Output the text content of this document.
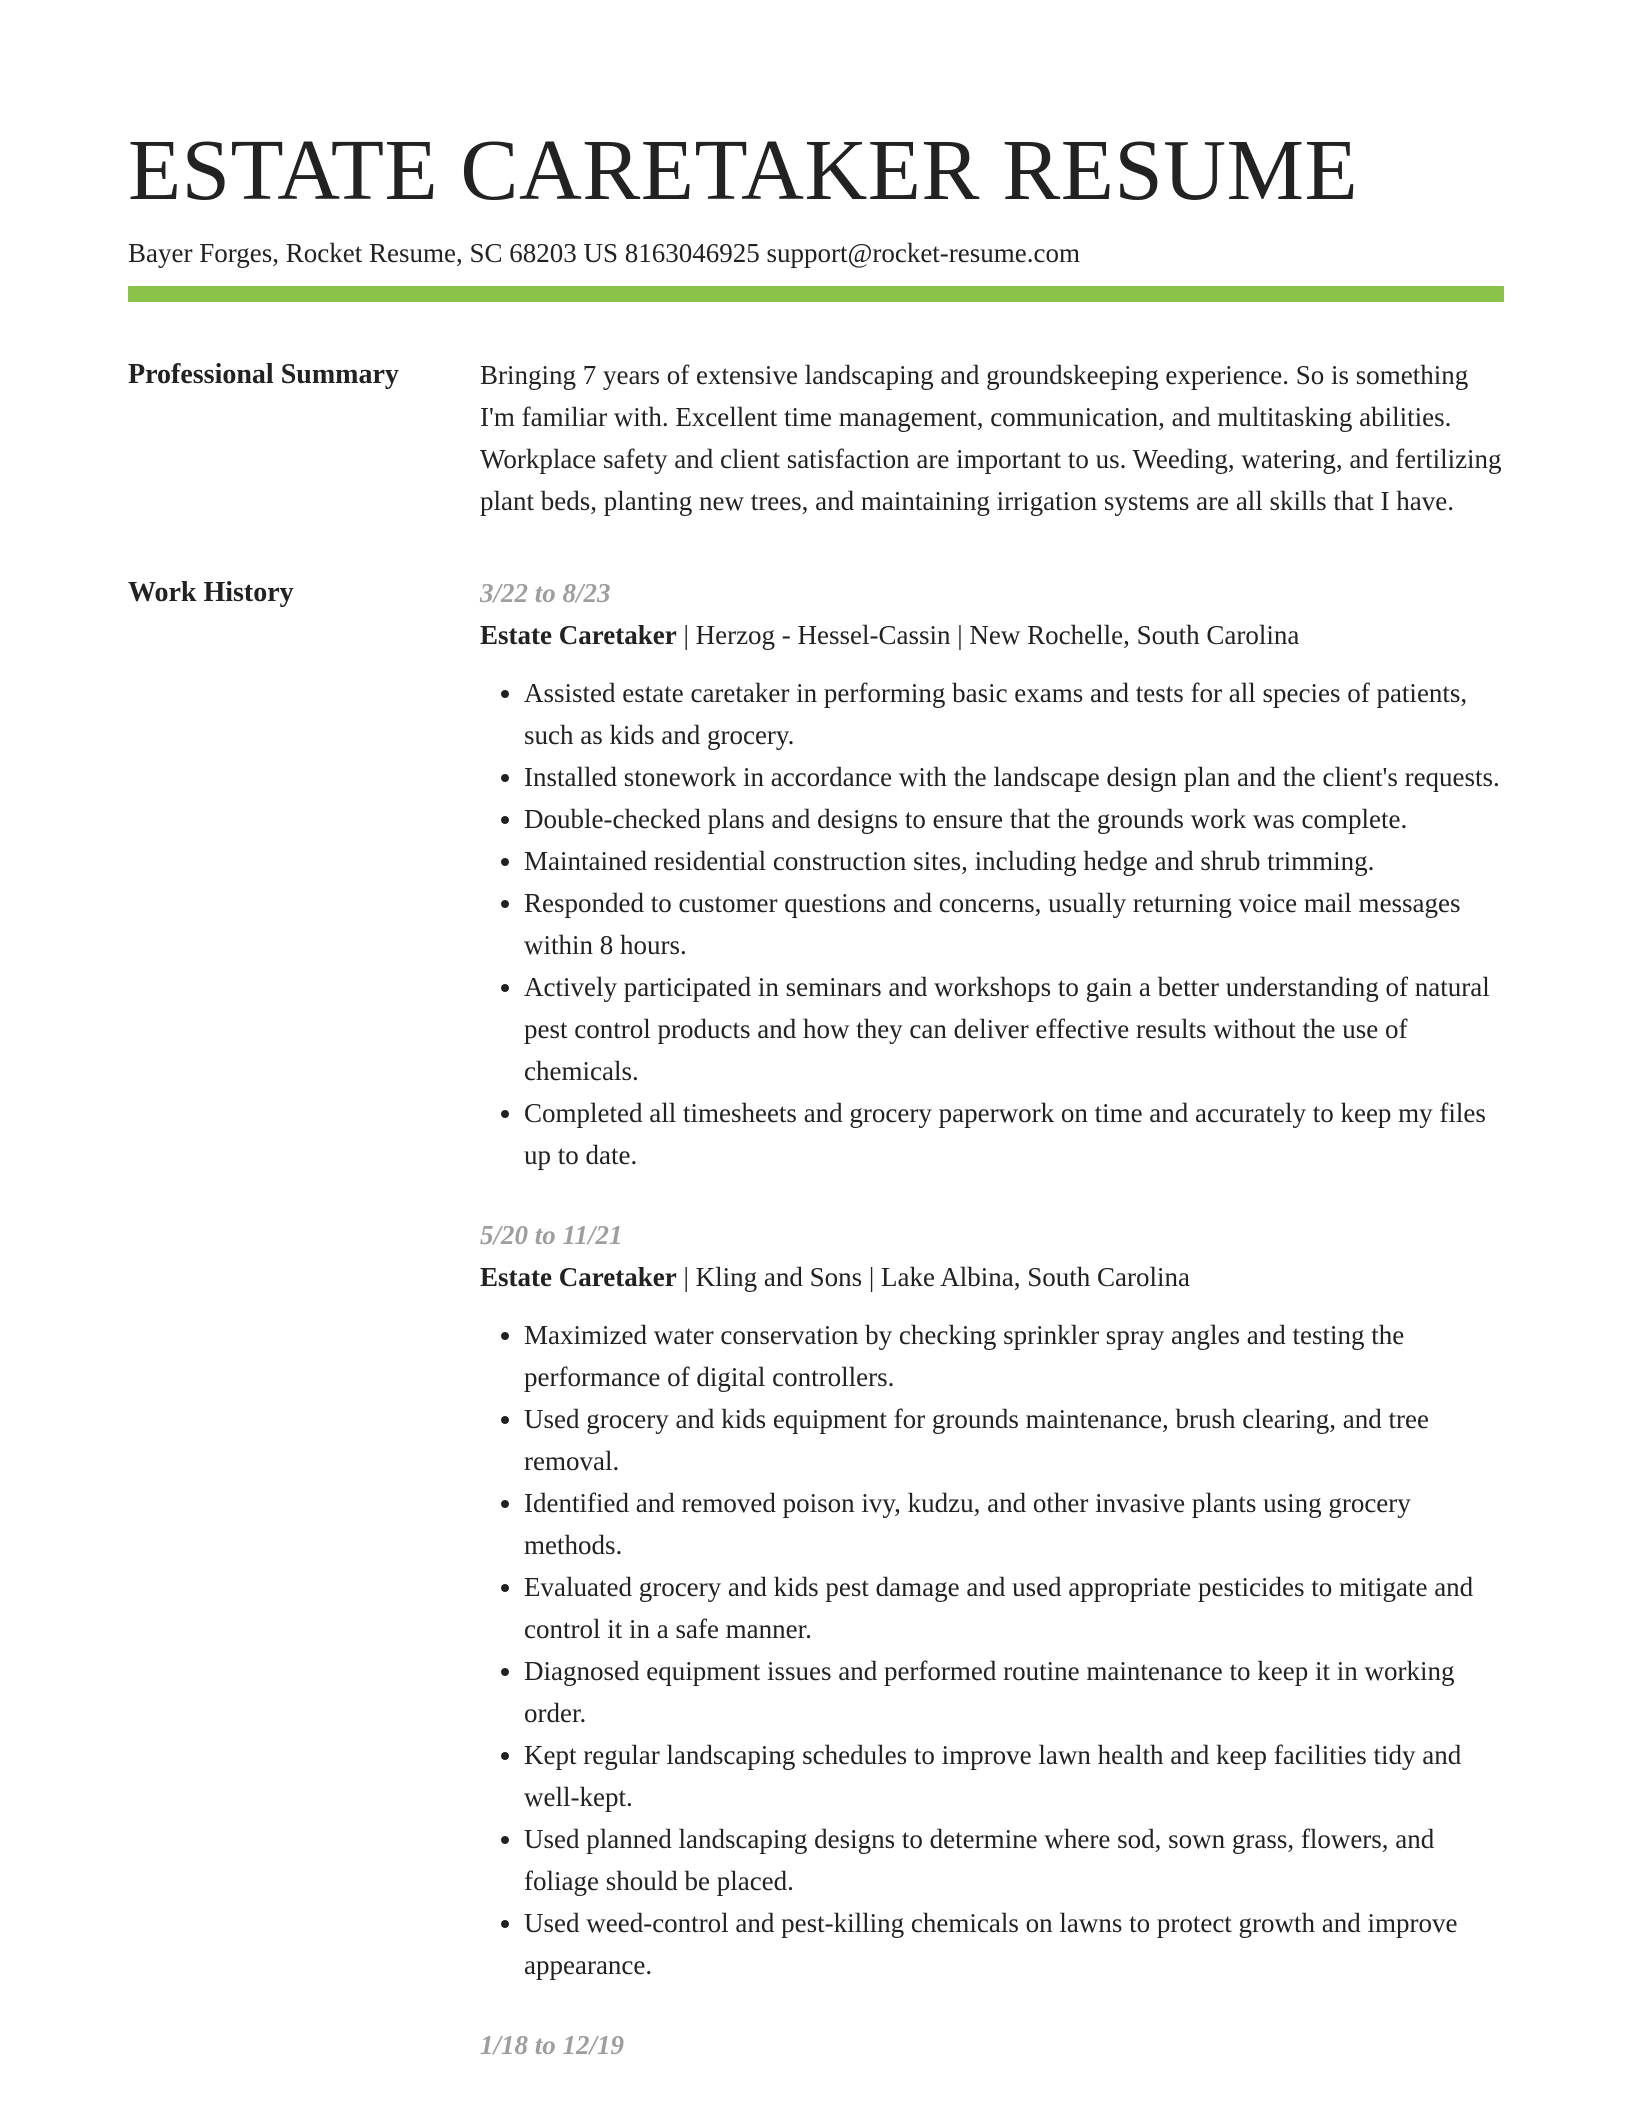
ESTATE CARETAKER RESUME
Bayer Forges, Rocket Resume, SC 68203 US 8163046925 support@rocket-resume.com
Professional Summary	Bringing 7 years of extensive landscaping and groundskeeping experience. So is something I'm familiar with. Excellent time management, communication, and multitasking abilities. Workplace safety and client satisfaction are important to us. Weeding, watering, and fertilizing plant beds, planting new trees, and maintaining irrigation systems are all skills that I have.

Work History	3/22 to 8/23
Estate Caretaker | Herzog - Hessel-Cassin | New Rochelle, South Carolina
• Assisted estate caretaker in performing basic exams and tests for all species of patients, such as kids and grocery.
• Installed stonework in accordance with the landscape design plan and the client's requests.
• Double-checked plans and designs to ensure that the grounds work was complete.
• Maintained residential construction sites, including hedge and shrub trimming.
• Responded to customer questions and concerns, usually returning voice mail messages within 8 hours.
• Actively participated in seminars and workshops to gain a better understanding of natural pest control products and how they can deliver effective results without the use of chemicals.
• Completed all timesheets and grocery paperwork on time and accurately to keep my files up to date.
5/20 to 11/21
Estate Caretaker | Kling and Sons | Lake Albina, South Carolina
• Maximized water conservation by checking sprinkler spray angles and testing the performance of digital controllers.
• Used grocery and kids equipment for grounds maintenance, brush clearing, and tree removal.
• Identified and removed poison ivy, kudzu, and other invasive plants using grocery methods.
• Evaluated grocery and kids pest damage and used appropriate pesticides to mitigate and control it in a safe manner.
• Diagnosed equipment issues and performed routine maintenance to keep it in working order.
• Kept regular landscaping schedules to improve lawn health and keep facilities tidy and well-kept.
• Used planned landscaping designs to determine where sod, sown grass, flowers, and foliage should be placed.
• Used weed-control and pest-killing chemicals on lawns to protect growth and improve appearance.
1/18 to 12/19
